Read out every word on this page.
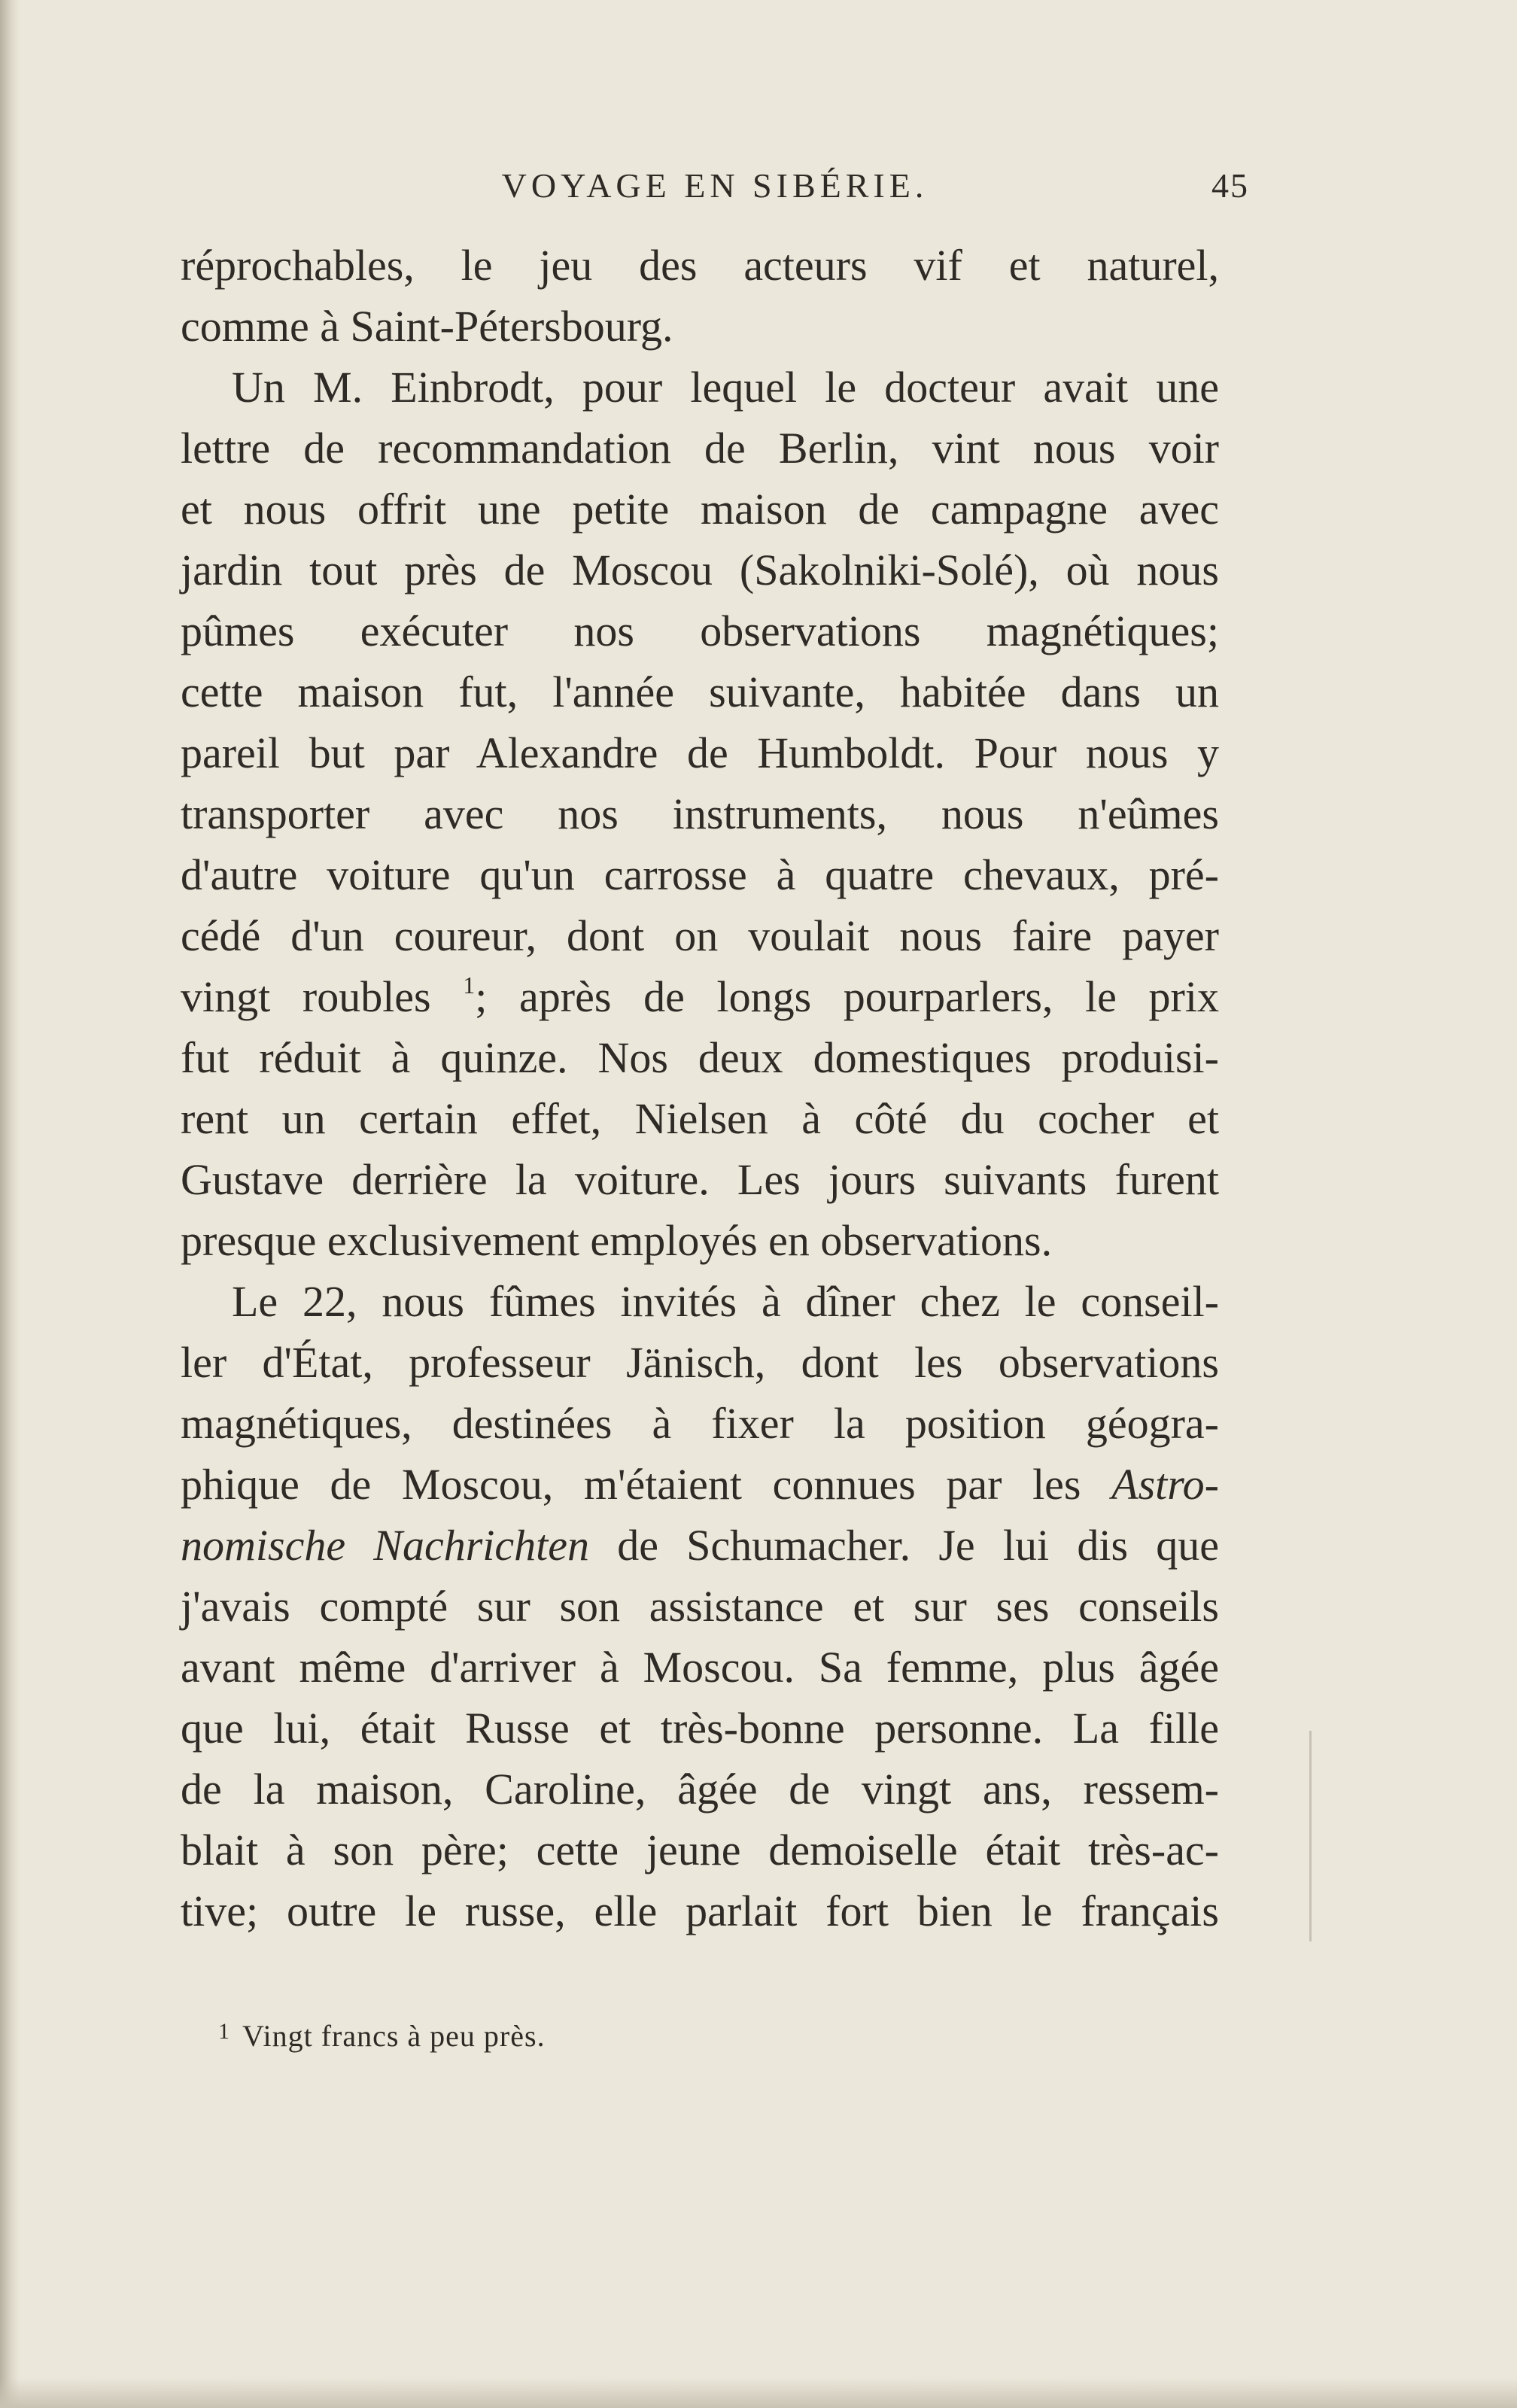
VOYAGE EN SIBÉRIE.	45
réprochables, le jeu des acteurs vif et naturel,
comme à Saint-Pétersbourg.
Un M. Einbrodt, pour lequel le docteur avait une
lettre de recommandation de Berlin, vint nous voir
et nous offrit une petite maison de campagne avec
jardin tout près de Moscou (Sakolniki-Solé), où nous
pûmes exécuter nos observations magnétiques;
cette maison fut, l'année suivante, habitée dans un
pareil but par Alexandre de Humboldt. Pour nous y
transporter avec nos instruments, nous n'eûmes
d'autre voiture qu'un carrosse à quatre chevaux, pré-
cédé d'un coureur, dont on voulait nous faire payer
vingt roubles $^1$; après de longs pourparlers, le prix
fut réduit à quinze. Nos deux domestiques produisi-
rent un certain effet, Nielsen à côté du cocher et
Gustave derrière la voiture. Les jours suivants furent
presque exclusivement employés en observations.
Le 22, nous fûmes invités à dîner chez le conseil-
ler d'État, professeur Jänisch, dont les observations
magnétiques, destinées à fixer la position géogra-
phique de Moscou, m'étaient connues par les Astro-
nomische Nachrichten de Schumacher. Je lui dis que
j'avais compté sur son assistance et sur ses conseils
avant même d'arriver à Moscou. Sa femme, plus âgée
que lui, était Russe et très-bonne personne. La fille
de la maison, Caroline, âgée de vingt ans, ressem-
blait à son père; cette jeune demoiselle était très-ac-
tive; outre le russe, elle parlait fort bien le français
$^1$ Vingt francs à peu près.
